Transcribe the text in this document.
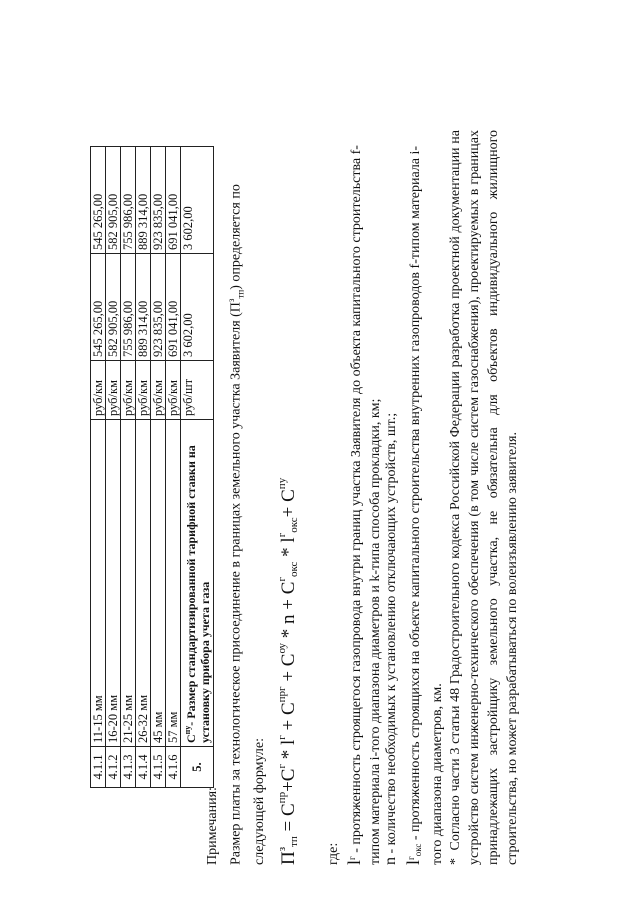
4.1.1	11-15 мм	руб/км	545 265,00	545 265,00
4.1.2	16-20 мм	руб/км	582 905,00	582 905,00
4.1.3	21-25 мм	руб/км	755 986,00	755 986,00
4.1.4	26-32 мм	руб/км	889 314,00	889 314,00
4.1.5	45 мм	руб/км	923 835,00	923 835,00
4.1.6	57 мм	руб/км	691 041,00	691 041,00
5.	$С^{пу}-$ Размер стандартизированной тарифной ставки на установку прибора учета газа	руб/шт	3 602,00	3 602,00
Примечания: Размер платы за технологическое присоединение в границах земельного участка Заявителя $(П^з_{тп})$ определяется по следующей формуле: $П^з_{тп} = С^{пр}+С^г * l^г + С^{прг} + С^{оу} * n + С^г_{окс} * l^г_{окс}+ С^{пу}$
где: $l^г$ - протяженность строящегося газопровода внутри границ участка Заявителя до объекта капитального строительства f-типом материала i-того диапазона диаметров и k-типа способа прокладки, км; n - количество необходимых к установлению отключающих устройств, шт.;
$l^г_{окс}$ - протяженность строящихся на объекте капитального строительства внутренних газопроводов f-типом материала i-того диапазона диаметров, км. *  Согласно части 3 статьи 48 Градостроительного кодекса Российской Федерации разработка проектной документации на устройство систем инженерно-технического обеспечения (в том числе систем газоснабжения), проектируемых в границах принадлежащих застройщику земельного участка, не обязательна для объектов индивидуального жилищного строительства, но может разрабатываться по волеизъявлению заявителя.
